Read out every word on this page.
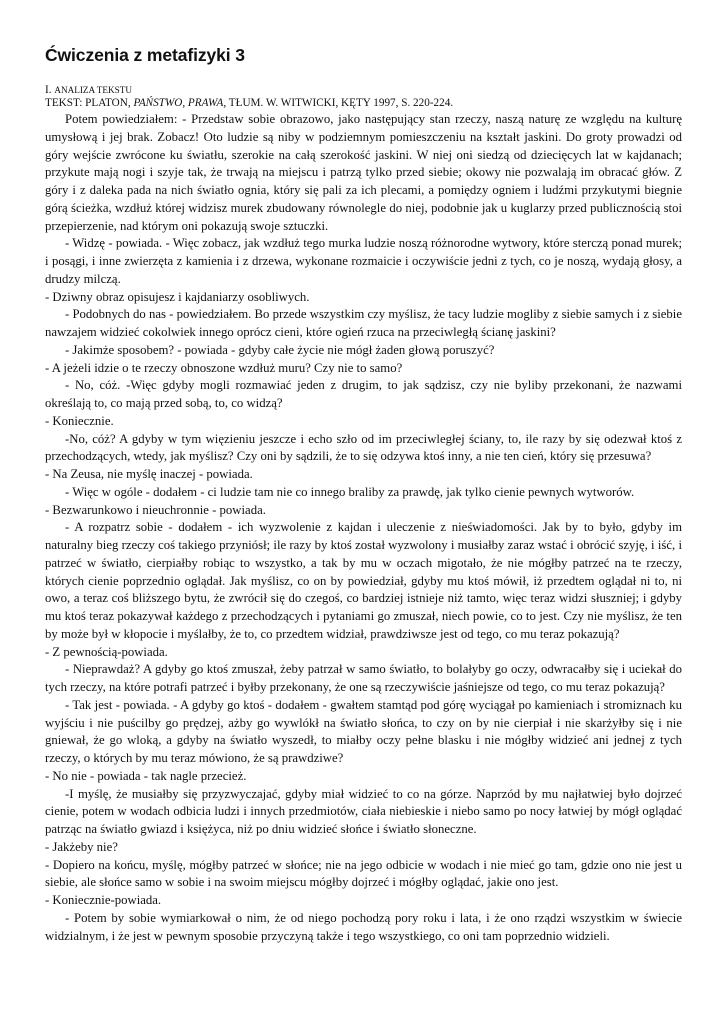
Ćwiczenia z metafizyki 3

I. ANALIZA TEKSTU

TEKST: PLATON, PAŃSTWO, PRAWA, TŁUM. W. WITWICKI, KĘTY 1997, S. 220-224.

Potem powiedziałem: - Przedstaw sobie obrazowo, jako następujący stan rzeczy, naszą naturę ze względu na kulturę umysłową i jej brak. Zobacz! Oto ludzie są niby w podziemnym pomieszczeniu na kształt jaskini. Do groty prowadzi od góry wejście zwrócone ku światłu, szerokie na całą szerokość jaskini. W niej oni siedzą od dziecięcych lat w kajdanach; przykute mają nogi i szyje tak, że trwają na miejscu i patrzą tylko przed siebie; okowy nie pozwalają im obracać głów. Z góry i z daleka pada na nich światło ognia, który się pali za ich plecami, a pomiędzy ogniem i ludźmi przykutymi biegnie górą ścieżka, wzdłuż której widzisz murek zbudowany równolegle do niej, podobnie jak u kuglarzy przed publicznością stoi przepierzenie, nad którym oni pokazują swoje sztuczki.

- Widzę - powiada. - Więc zobacz, jak wzdłuż tego murka ludzie noszą różnorodne wytwory, które sterczą ponad murek; i posągi, i inne zwierzęta z kamienia i z drzewa, wykonane rozmaicie i oczywiście jedni z tych, co je noszą, wydają głosy, a drudzy milczą.

- Dziwny obraz opisujesz i kajdaniarzy osobliwych.

- Podobnych do nas - powiedziałem. Bo przede wszystkim czy myślisz, że tacy ludzie mogliby z siebie samych i z siebie nawzajem widzieć cokolwiek innego oprócz cieni, które ogień rzuca na przeciwległą ścianę jaskini?

- Jakimże sposobem? - powiada - gdyby całe życie nie mógł żaden głową poruszyć?

- A jeżeli idzie o te rzeczy obnoszone wzdłuż muru? Czy nie to samo?

- No, cóż. -Więc gdyby mogli rozmawiać jeden z drugim, to jak sądzisz, czy nie byliby przekonani, że nazwami określają to, co mają przed sobą, to, co widzą?

- Koniecznie.

-No, cóż? A gdyby w tym więzieniu jeszcze i echo szło od im przeciwległej ściany, to, ile razy by się odezwał ktoś z przechodzących, wtedy, jak myślisz? Czy oni by sądzili, że to się odzywa ktoś inny, a nie ten cień, który się przesuwa?

- Na Zeusa, nie myślę inaczej - powiada.

- Więc w ogóle - dodałem - ci ludzie tam nie co innego braliby za prawdę, jak tylko cienie pewnych wytworów.

- Bezwarunkowo i nieuchronnie - powiada.

- A rozpatrz sobie - dodałem - ich wyzwolenie z kajdan i uleczenie z nieświadomości. Jak by to było, gdyby im naturalny bieg rzeczy coś takiego przyniósł; ile razy by ktoś został wyzwolony i musiałby zaraz wstać i obrócić szyję, i iść, i patrzeć w światło, cierpiałby robiąc to wszystko, a tak by mu w oczach migotało, że nie mógłby patrzeć na te rzeczy, których cienie poprzednio oglądał. Jak myślisz, co on by powiedział, gdyby mu ktoś mówił, iż przedtem oglądał ni to, ni owo, a teraz coś bliższego bytu, że zwrócił się do czegoś, co bardziej istnieje niż tamto, więc teraz widzi słuszniej; i gdyby mu ktoś teraz pokazywał każdego z przechodzących i pytaniami go zmuszał, niech powie, co to jest. Czy nie myślisz, że ten by może był w kłopocie i myślałby, że to, co przedtem widział, prawdziwsze jest od tego, co mu teraz pokazują?

- Z pewnością-powiada.

- Nieprawdaż? A gdyby go ktoś zmuszał, żeby patrzał w samo światło, to bolałyby go oczy, odwracałby się i uciekał do tych rzeczy, na które potrafi patrzeć i byłby przekonany, że one są rzeczywiście jaśniejsze od tego, co mu teraz pokazują?

- Tak jest - powiada. - A gdyby go ktoś - dodałem - gwałtem stamtąd pod górę wyciągał po kamieniach i stromiznach ku wyjściu i nie puścilby go prędzej, ażby go wywlókł na światło słońca, to czy on by nie cierpiał i nie skarżyłby się i nie gniewał, że go wloką, a gdyby na światło wyszedł, to miałby oczy pełne blasku i nie mógłby widzieć ani jednej z tych rzeczy, o których by mu teraz mówiono, że są prawdziwe?

- No nie - powiada - tak nagle przecież.

-I myślę, że musiałby się przyzwyczajać, gdyby miał widzieć to co na górze. Naprzód by mu najłatwiej było dojrzeć cienie, potem w wodach odbicia ludzi i innych przedmiotów, ciała niebieskie i niebo samo po nocy łatwiej by mógł oglądać patrząc na światło gwiazd i księżyca, niż po dniu widzieć słońce i światło słoneczne.

- Jakżeby nie?

- Dopiero na końcu, myślę, mógłby patrzeć w słońce; nie na jego odbicie w wodach i nie mieć go tam, gdzie ono nie jest u siebie, ale słońce samo w sobie i na swoim miejscu mógłby dojrzeć i mógłby oglądać, jakie ono jest.

- Koniecznie-powiada.

- Potem by sobie wymiarkował o nim, że od niego pochodzą pory roku i lata, i że ono rządzi wszystkim w świecie widzialnym, i że jest w pewnym sposobie przyczyną także i tego wszystkiego, co oni tam poprzednio widzieli.
